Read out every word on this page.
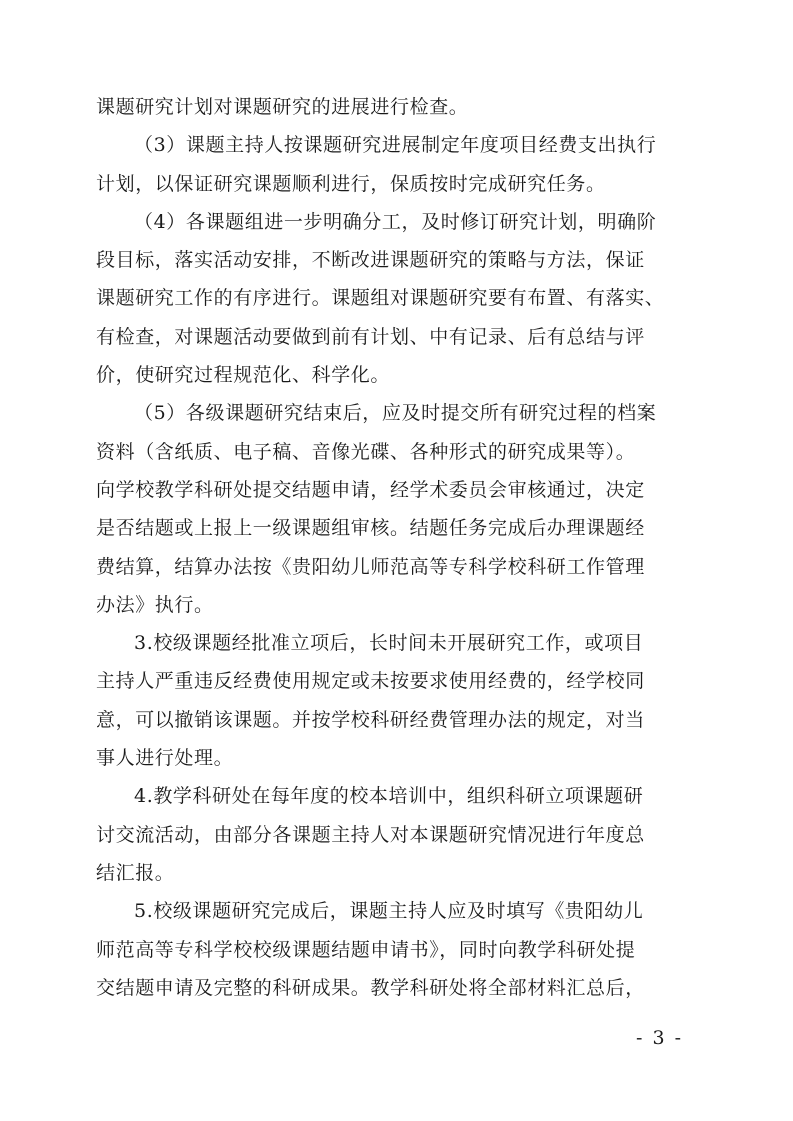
课题研究计划对课题研究的进展进行检查。
（3）课题主持人按课题研究进展制定年度项目经费支出执行
计划，以保证研究课题顺利进行，保质按时完成研究任务。
（4）各课题组进一步明确分工，及时修订研究计划，明确阶
段目标，落实活动安排，不断改进课题研究的策略与方法，保证
课题研究工作的有序进行。课题组对课题研究要有布置、有落实、
有检查，对课题活动要做到前有计划、中有记录、后有总结与评
价，使研究过程规范化、科学化。
（5）各级课题研究结束后，应及时提交所有研究过程的档案
资料（含纸质、电子稿、音像光碟、各种形式的研究成果等）。
向学校教学科研处提交结题申请，经学术委员会审核通过，决定
是否结题或上报上一级课题组审核。结题任务完成后办理课题经
费结算，结算办法按《贵阳幼儿师范高等专科学校科研工作管理
办法》执行。
3.校级课题经批准立项后，长时间未开展研究工作，或项目
主持人严重违反经费使用规定或未按要求使用经费的，经学校同
意，可以撤销该课题。并按学校科研经费管理办法的规定，对当
事人进行处理。
4.教学科研处在每年度的校本培训中，组织科研立项课题研
讨交流活动，由部分各课题主持人对本课题研究情况进行年度总
结汇报。
5.校级课题研究完成后，课题主持人应及时填写《贵阳幼儿
师范高等专科学校校级课题结题申请书》，同时向教学科研处提
交结题申请及完整的科研成果。教学科研处将全部材料汇总后，
- 3 -
